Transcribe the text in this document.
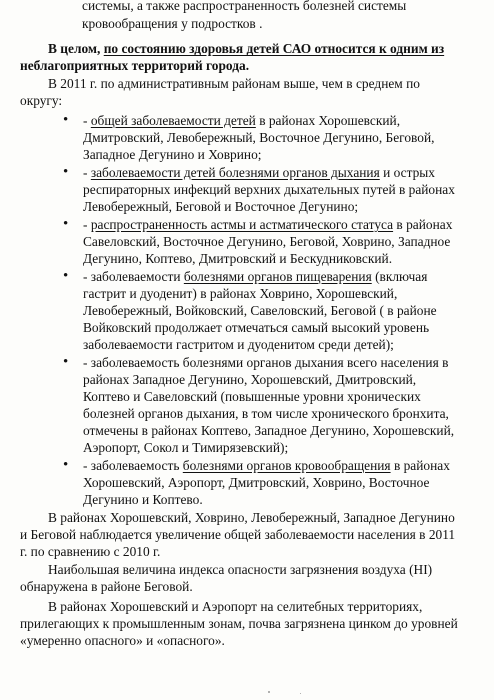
системы, а также распространенность болезней системы
кровообращения у подростков .
В целом, по состоянию здоровья детей САО относится к одним из
неблагоприятных территорий города.
В 2011 г. по административным районам выше, чем в среднем по
округу:
• - общей заболеваемости детей в районах Хорошевский,
Дмитровский, Левобережный, Восточное Дегунино, Беговой,
Западное Дегунино и Ховрино;
• - заболеваемости детей болезнями органов дыхания и острых
респираторных инфекций верхних дыхательных путей в районах
Левобережный, Беговой и Восточное Дегунино;
• - распространенность астмы и астматического статуса в районах
Савеловский, Восточное Дегунино, Беговой, Ховрино, Западное
Дегунино, Коптево, Дмитровский и Бескудниковский.
• - заболеваемости болезнями органов пищеварения (включая
гастрит и дуоденит) в районах Ховрино, Хорошевский,
Левобережный, Войковский, Савеловский, Беговой ( в районе
Войковский продолжает отмечаться самый высокий уровень
заболеваемости гастритом и дуоденитом среди детей);
• - заболеваемость болезнями органов дыхания всего населения в
районах Западное Дегунино, Хорошевский, Дмитровский,
Коптево и Савеловский (повышенные уровни хронических
болезней органов дыхания, в том числе хронического бронхита,
отмечены в районах Коптево, Западное Дегунино, Хорошевский,
Аэропорт, Сокол и Тимирязевский);
• - заболеваемость болезнями органов кровообращения в районах
Хорошевский, Аэропорт, Дмитровский, Ховрино, Восточное
Дегунино и Коптево.
В районах Хорошевский, Ховрино, Левобережный, Западное Дегунино
и Беговой наблюдается увеличение общей заболеваемости населения в 2011
г. по сравнению с 2010 г.
Наибольшая величина индекса опасности загрязнения воздуха (HI)
обнаружена в районе Беговой.
В районах Хорошевский и Аэропорт на селитебных территориях,
прилегающих к промышленным зонам, почва загрязнена цинком до уровней
«умеренно опасного» и «опасного».
